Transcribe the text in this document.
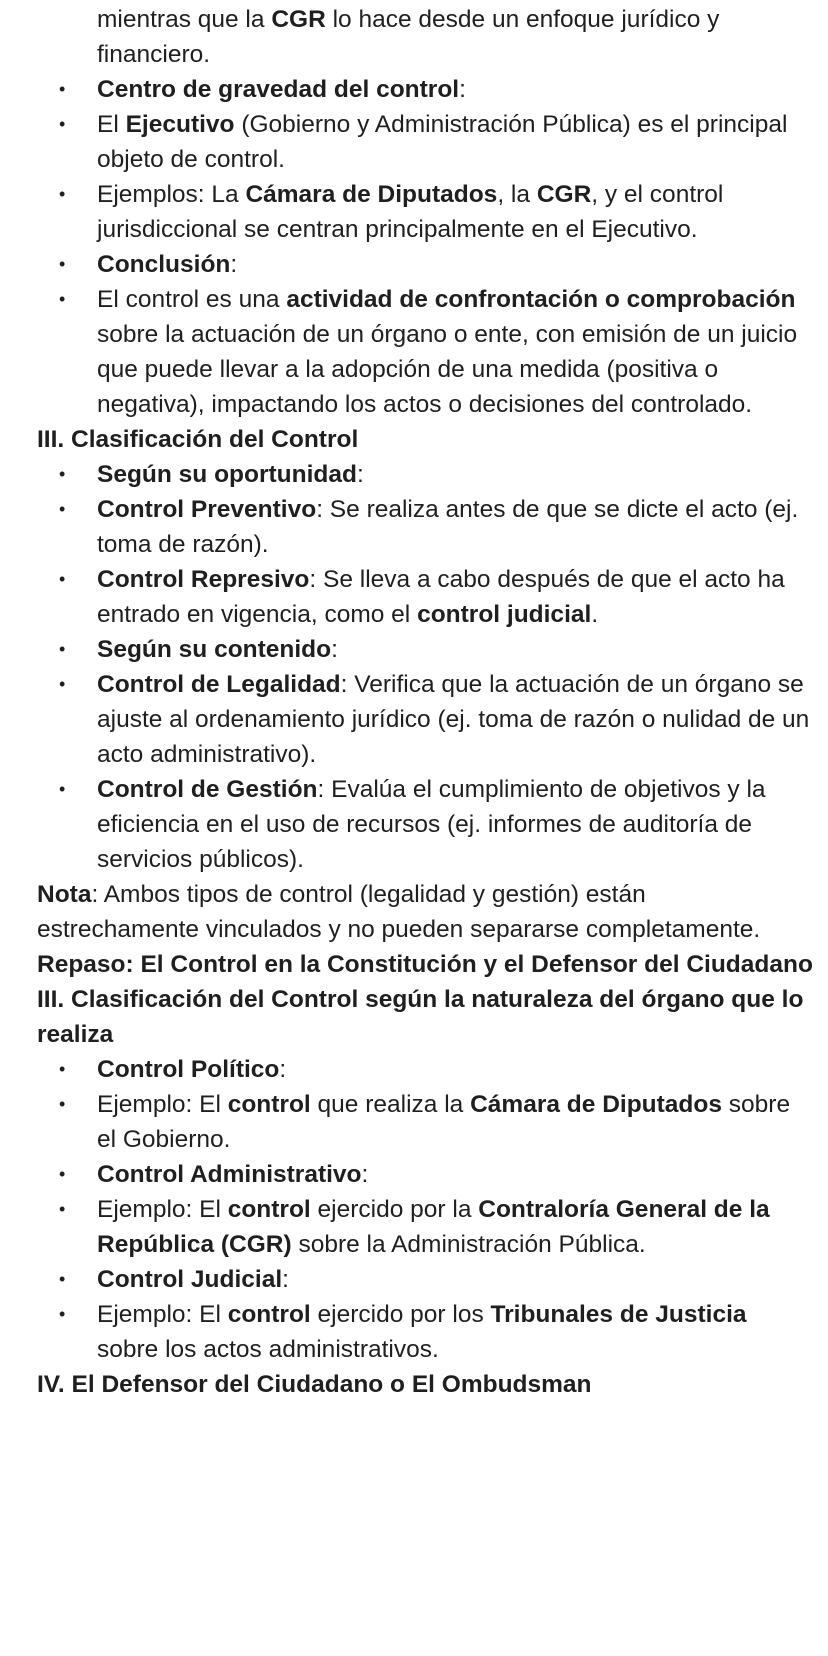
mientras que la CGR lo hace desde un enfoque jurídico y financiero.

• Centro de gravedad del control:
• El Ejecutivo (Gobierno y Administración Pública) es el principal objeto de control.
• Ejemplos: La Cámara de Diputados, la CGR, y el control jurisdiccional se centran principalmente en el Ejecutivo.
• Conclusión:
• El control es una actividad de confrontación o comprobación sobre la actuación de un órgano o ente, con emisión de un juicio que puede llevar a la adopción de una medida (positiva o negativa), impactando los actos o decisiones del controlado.

III. Clasificación del Control

• Según su oportunidad:
• Control Preventivo: Se realiza antes de que se dicte el acto (ej. toma de razón).
• Control Represivo: Se lleva a cabo después de que el acto ha entrado en vigencia, como el control judicial.
• Según su contenido:
• Control de Legalidad: Verifica que la actuación de un órgano se ajuste al ordenamiento jurídico (ej. toma de razón o nulidad de un acto administrativo).
• Control de Gestión: Evalúa el cumplimiento de objetivos y la eficiencia en el uso de recursos (ej. informes de auditoría de servicios públicos).

Nota: Ambos tipos de control (legalidad y gestión) están estrechamente vinculados y no pueden separarse completamente.

Repaso: El Control en la Constitución y el Defensor del Ciudadano

III. Clasificación del Control según la naturaleza del órgano que lo realiza

• Control Político:
• Ejemplo: El control que realiza la Cámara de Diputados sobre el Gobierno.
• Control Administrativo:
• Ejemplo: El control ejercido por la Contraloría General de la República (CGR) sobre la Administración Pública.
• Control Judicial:
• Ejemplo: El control ejercido por los Tribunales de Justicia sobre los actos administrativos.

IV. El Defensor del Ciudadano o El Ombudsman
